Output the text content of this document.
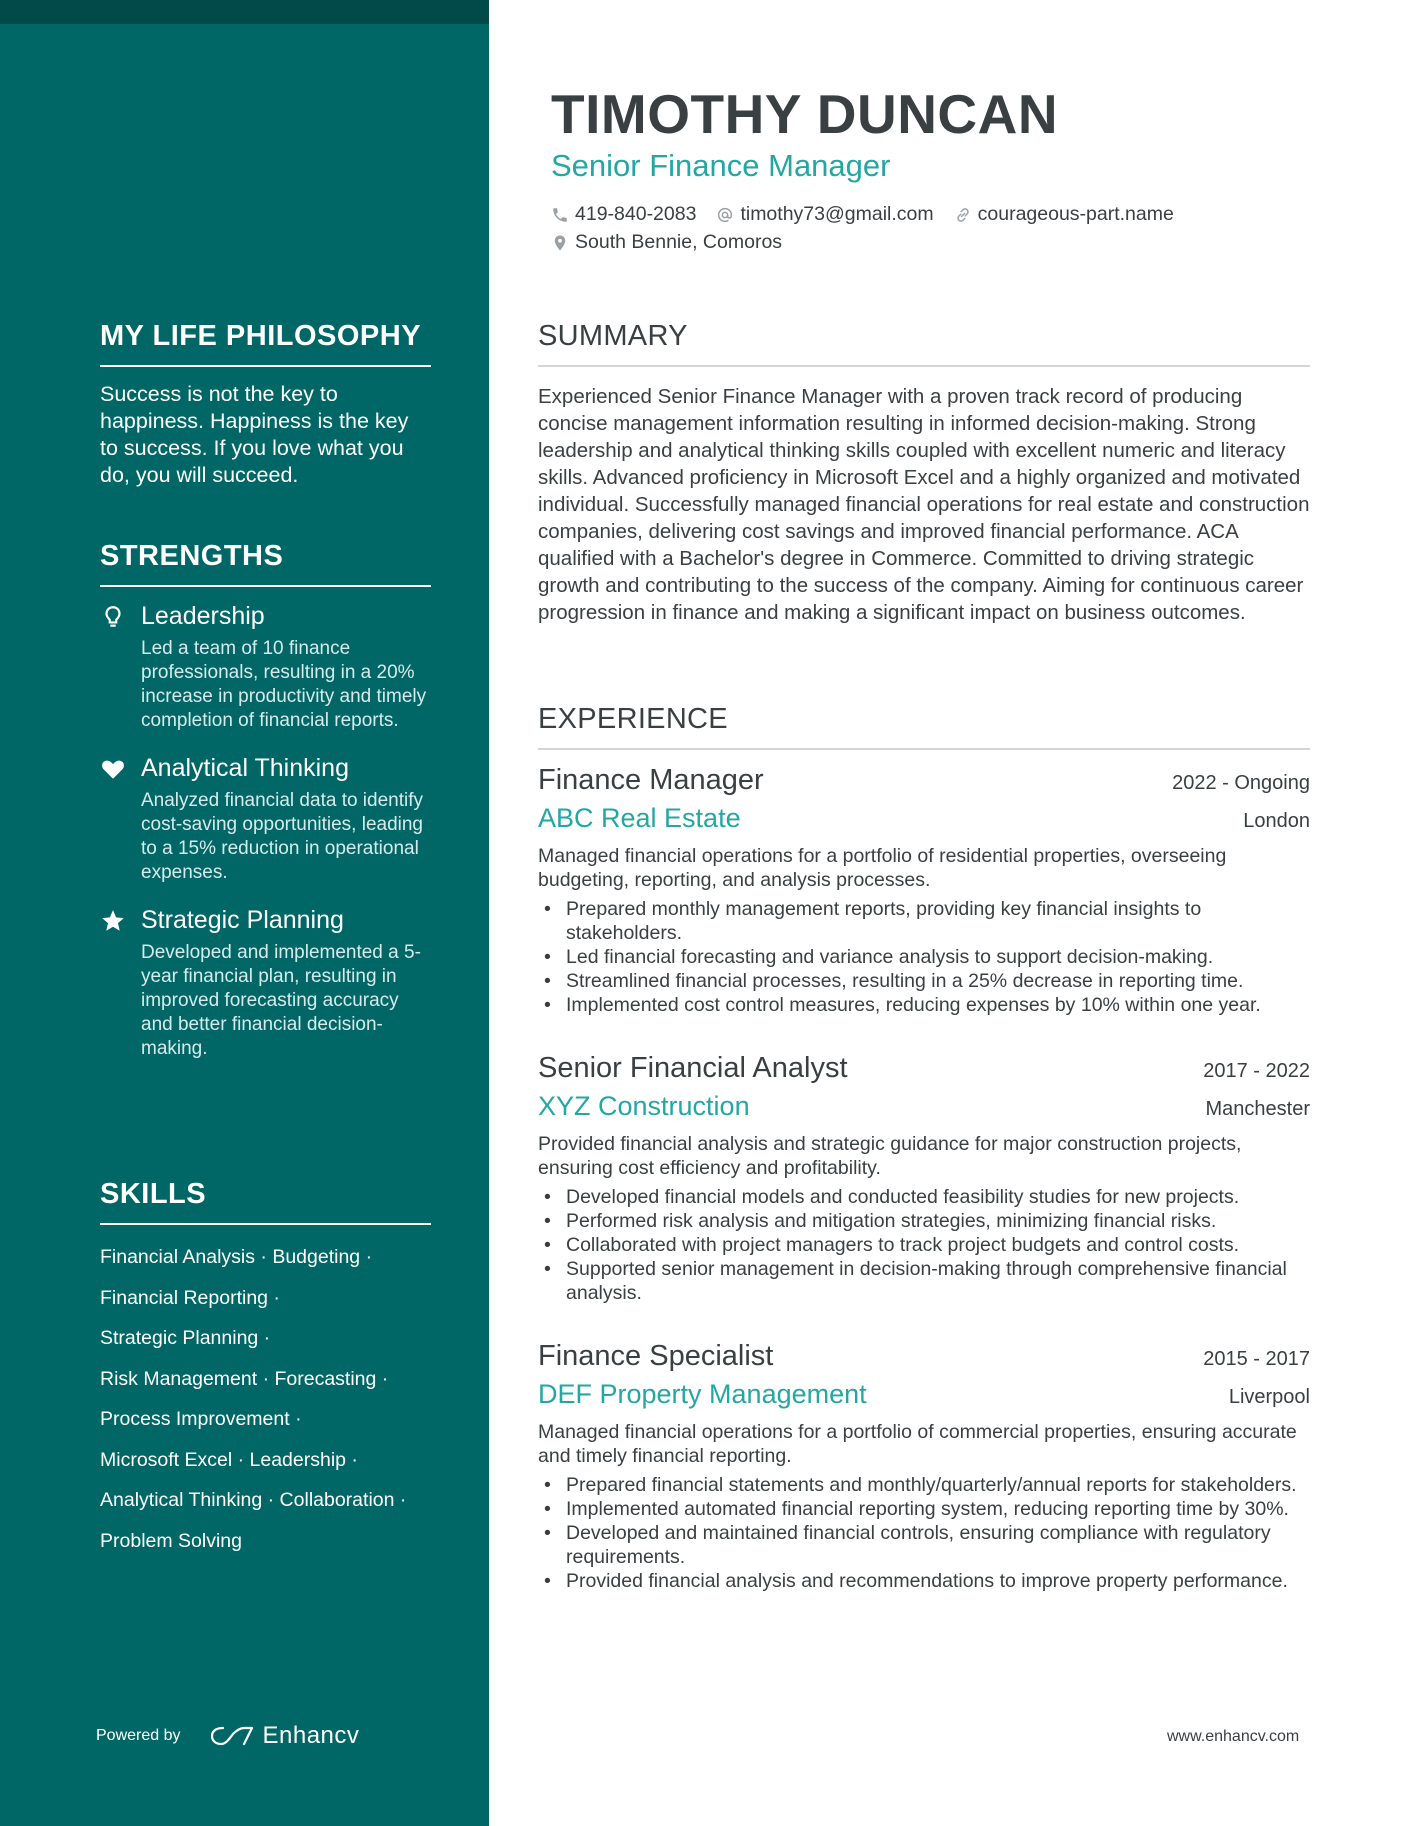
MY LIFE PHILOSOPHY
Success is not the key to happiness. Happiness is the key to success. If you love what you do, you will succeed.
STRENGTHS
Leadership
Led a team of 10 finance professionals, resulting in a 20% increase in productivity and timely completion of financial reports.
Analytical Thinking
Analyzed financial data to identify cost-saving opportunities, leading to a 15% reduction in operational expenses.
Strategic Planning
Developed and implemented a 5-year financial plan, resulting in improved forecasting accuracy and better financial decision-making.
SKILLS
Financial Analysis · Budgeting ·
Financial Reporting ·
Strategic Planning ·
Risk Management · Forecasting ·
Process Improvement ·
Microsoft Excel · Leadership ·
Analytical Thinking · Collaboration ·
Problem Solving
Powered by	Enhancv
TIMOTHY DUNCAN
Senior Finance Manager
419-840-2083 timothy73@gmail.com courageous-part.name
South Bennie, Comoros
SUMMARY
Experienced Senior Finance Manager with a proven track record of producing concise management information resulting in informed decision-making. Strong leadership and analytical thinking skills coupled with excellent numeric and literacy skills. Advanced proficiency in Microsoft Excel and a highly organized and motivated individual. Successfully managed financial operations for real estate and construction companies, delivering cost savings and improved financial performance. ACA qualified with a Bachelor's degree in Commerce. Committed to driving strategic growth and contributing to the success of the company. Aiming for continuous career progression in finance and making a significant impact on business outcomes.
EXPERIENCE
Finance Manager	2022 - Ongoing
ABC Real Estate	London
Managed financial operations for a portfolio of residential properties, overseeing budgeting, reporting, and analysis processes.
• Prepared monthly management reports, providing key financial insights to stakeholders.
• Led financial forecasting and variance analysis to support decision-making.
• Streamlined financial processes, resulting in a 25% decrease in reporting time.
• Implemented cost control measures, reducing expenses by 10% within one year.
Senior Financial Analyst	2017 - 2022
XYZ Construction	Manchester
Provided financial analysis and strategic guidance for major construction projects, ensuring cost efficiency and profitability.
• Developed financial models and conducted feasibility studies for new projects.
• Performed risk analysis and mitigation strategies, minimizing financial risks.
• Collaborated with project managers to track project budgets and control costs.
• Supported senior management in decision-making through comprehensive financial analysis.
Finance Specialist	2015 - 2017
DEF Property Management	Liverpool
Managed financial operations for a portfolio of commercial properties, ensuring accurate and timely financial reporting.
• Prepared financial statements and monthly/quarterly/annual reports for stakeholders.
• Implemented automated financial reporting system, reducing reporting time by 30%.
• Developed and maintained financial controls, ensuring compliance with regulatory requirements.
• Provided financial analysis and recommendations to improve property performance.
www.enhancv.com
